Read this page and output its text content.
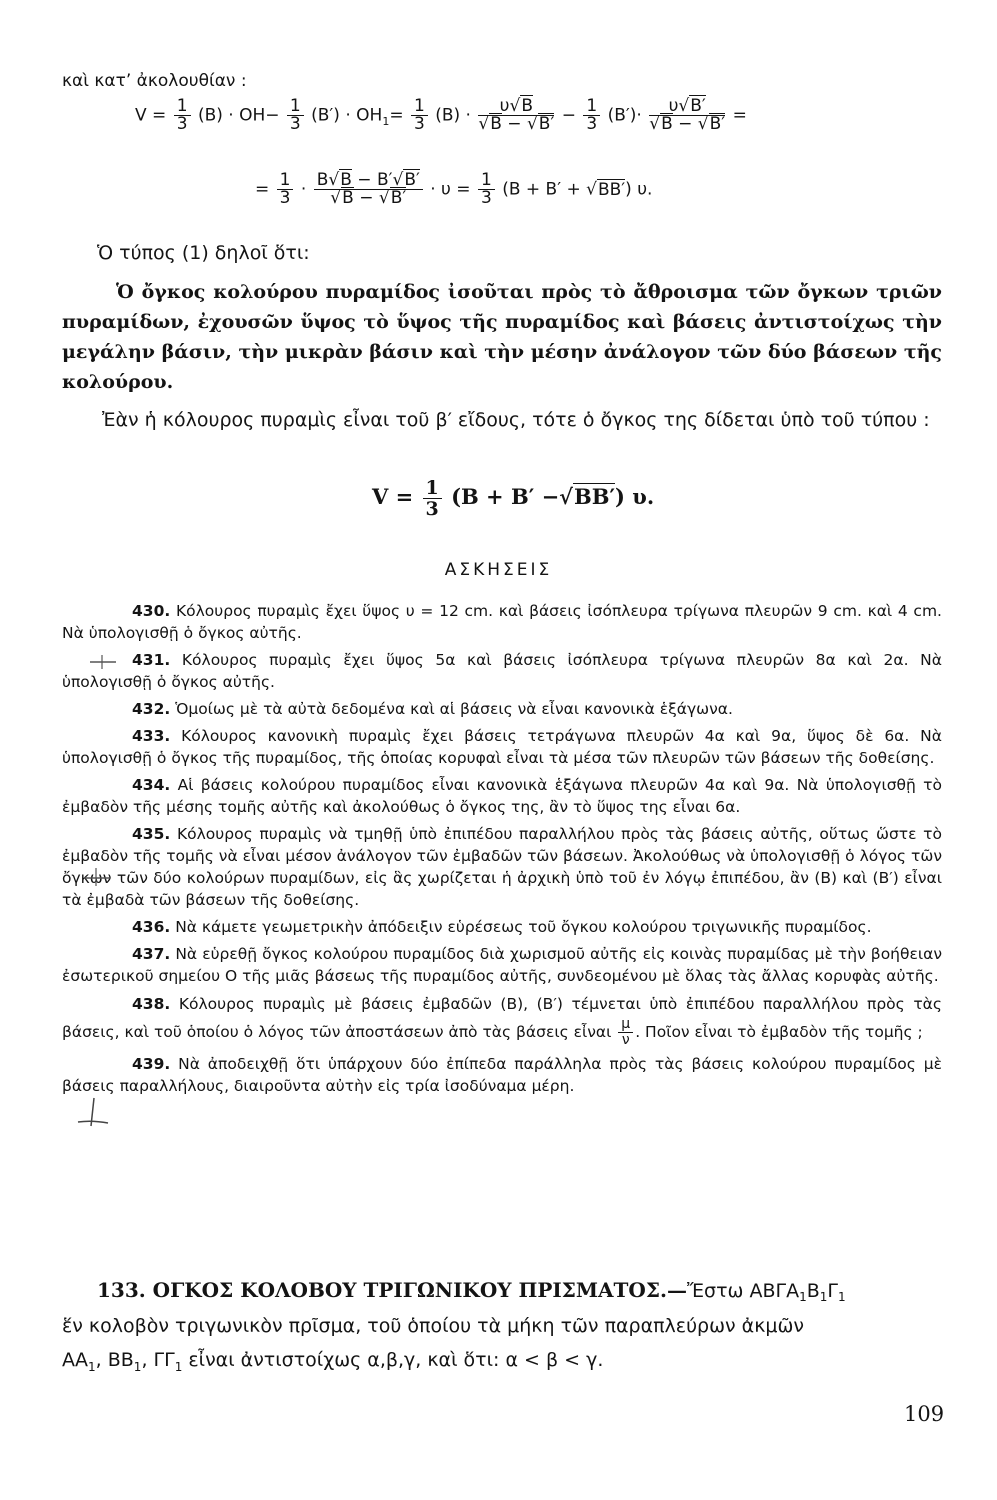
καὶ κατ’ ἀκολουθίαν :
$V = \frac{1}{3} (B) \cdot OH- \frac{1}{3} (B') \cdot OH_1= \frac{1}{3} (B) \cdot \frac{\upsilon√B}{√B - √B'} - \frac{1}{3} (B')\cdot \frac{\upsilon√B'}{√B - √B'}$ =
= $\frac{1}{3} \cdot \frac{B√B - B'√B'}{√B - √B'} \cdot \upsilon = \frac{1}{3} (B + B' + √BB')$ υ.
Ὁ τύπος (1) δηλοῖ ὅτι:
Ὁ ὄγκος κολούρου πυραμίδος ἰσοῦται πρὸς τὸ ἄθροισμα τῶν ὄγκων τριῶν πυραμίδων, ἐχουσῶν ὕψος τὸ ὕψος τῆς πυραμίδος καὶ βάσεις ἀντιστοίχως τὴν μεγάλην βάσιν, τὴν μικρὰν βάσιν καὶ τὴν μέσην ἀνάλογον τῶν δύο βάσεων τῆς κολούρου.
Ἐὰν ἡ κόλουρος πυραμὶς εἶναι τοῦ β′ εἴδους, τότε ὁ ὄγκος της δίδεται ὑπὸ τοῦ τύπου :
$V = \frac{1}{3} (B + B' -√BB')$ υ.
ΑΣΚΗΣΕΙΣ
430. Κόλουρος πυραμὶς ἔχει ὕψος υ = 12 cm. καὶ βάσεις ἰσόπλευρα τρίγωνα πλευρῶν 9 cm. καὶ 4 cm. Νὰ ὑπολογισθῇ ὁ ὄγκος αὐτῆς.
431. Κόλουρος πυραμὶς ἔχει ὕψος 5α καὶ βάσεις ἰσόπλευρα τρίγωνα πλευρῶν 8α καὶ 2α. Νὰ ὑπολογισθῇ ὁ ὄγκος αὐτῆς.
432. Ὁμοίως μὲ τὰ αὐτὰ δεδομένα καὶ αἱ βάσεις νὰ εἶναι κανονικὰ ἑξάγωνα.
433. Κόλουρος κανονικὴ πυραμὶς ἔχει βάσεις τετράγωνα πλευρῶν 4α καὶ 9α, ὕψος δὲ 6α. Νὰ ὑπολογισθῇ ὁ ὄγκος τῆς πυραμίδος, τῆς ὁποίας κορυφαὶ εἶναι τὰ μέσα τῶν πλευρῶν τῶν βάσεων τῆς δοθείσης.
434. Αἱ βάσεις κολούρου πυραμίδος εἶναι κανονικὰ ἑξάγωνα πλευρῶν 4α καὶ 9α. Νὰ ὑπολογισθῇ τὸ ἐμβαδὸν τῆς μέσης τομῆς αὐτῆς καὶ ἀκολούθως ὁ ὄγκος της, ἂν τὸ ὕψος της εἶναι 6α.
435. Κόλουρος πυραμὶς νὰ τμηθῇ ὑπὸ ἐπιπέδου παραλλήλου πρὸς τὰς βάσεις αὐτῆς, οὕτως ὥστε τὸ ἐμβαδὸν τῆς τομῆς νὰ εἶναι μέσον ἀνάλογον τῶν ἐμβαδῶν τῶν βάσεων. Ἀκολούθως νὰ ὑπολογισθῇ ὁ λόγος τῶν ὄγκων τῶν δύο κολούρων πυραμίδων, εἰς ἃς χωρίζεται ἡ ἀρχικὴ ὑπὸ τοῦ ἐν λόγῳ ἐπιπέδου, ἂν (B) καὶ (B′) εἶναι τὰ ἐμβαδὰ τῶν βάσεων τῆς δοθείσης.
436. Νὰ κάμετε γεωμετρικὴν ἀπόδειξιν εὑρέσεως τοῦ ὄγκου κολούρου τριγωνικῆς πυραμίδος.
437. Νὰ εὑρεθῇ ὄγκος κολούρου πυραμίδος διὰ χωρισμοῦ αὐτῆς εἰς κοινὰς πυραμίδας μὲ τὴν βοήθειαν ἐσωτερικοῦ σημείου Ο τῆς μιᾶς βάσεως τῆς πυραμίδος αὐτῆς, συνδεομένου μὲ ὅλας τὰς ἄλλας κορυφὰς αὐτῆς.
438. Κόλουρος πυραμὶς μὲ βάσεις ἐμβαδῶν (B), (B′) τέμνεται ὑπὸ ἐπιπέδου παραλλήλου πρὸς τὰς βάσεις, καὶ τοῦ ὁποίου ὁ λόγος τῶν ἀποστάσεων ἀπὸ τὰς βάσεις εἶναι $\frac{\mu}{\nu}$ . Ποῖον εἶναι τὸ ἐμβαδὸν τῆς τομῆς ;
439. Νὰ ἀποδειχθῇ ὅτι ὑπάρχουν δύο ἐπίπεδα παράλληλα πρὸς τὰς βάσεις κολούρου πυραμίδος μὲ βάσεις παραλλήλους, διαιροῦντα αὐτὴν εἰς τρία ἰσοδύναμα μέρη.
133. ΟΓΚΟΣ ΚΟΛΟΒΟΥ ΤΡΙΓΩΝΙΚΟΥ ΠΡΙΣΜΑΤΟΣ.—Ἔστω $AB\Gamma A_1B_1\Gamma_1$
ἕν κολοβὸν τριγωνικὸν πρῖσμα, τοῦ ὁποίου τὰ μήκη τῶν παραπλεύρων ἀκμῶν
$AA_1$, $BB_1$, $\Gamma\Gamma_1$ εἶναι ἀντιστοίχως α,β,γ, καὶ ὅτι: α < β < γ.
109
